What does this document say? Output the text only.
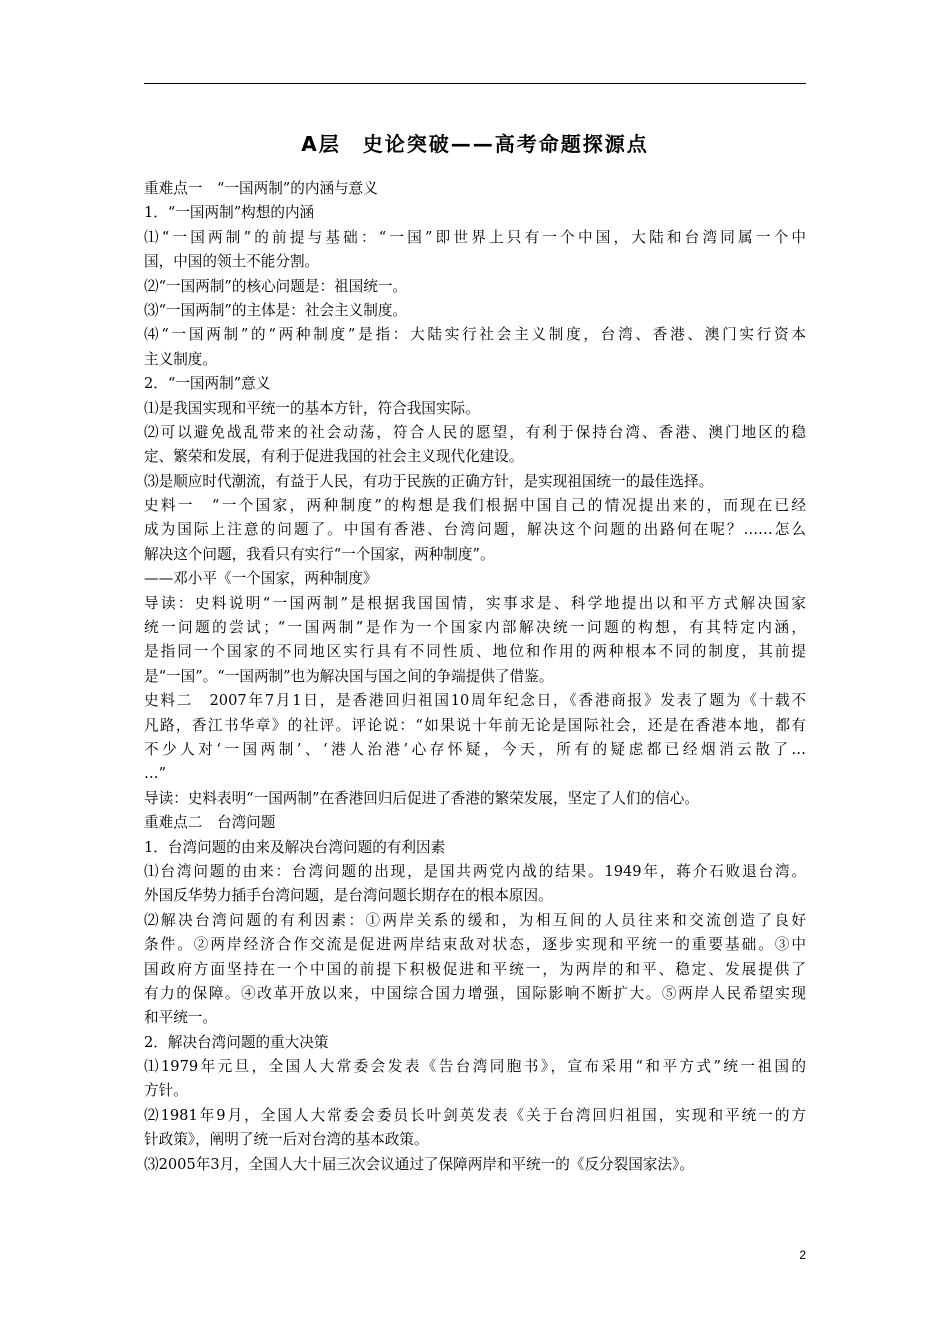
A层　史论突破——高考命题探源点
重难点一　“一国两制”的内涵与意义
1．“一国两制”构想的内涵
⑴“一国两制”的前提与基础：“一国”即世界上只有一个中国，大陆和台湾同属一个中
国，中国的领土不能分割。
⑵“一国两制”的核心问题是：祖国统一。
⑶“一国两制”的主体是：社会主义制度。
⑷“一国两制”的“两种制度”是指：大陆实行社会主义制度，台湾、香港、澳门实行资本
主义制度。
2．“一国两制”意义
⑴是我国实现和平统一的基本方针，符合我国实际。
⑵可以避免战乱带来的社会动荡，符合人民的愿望，有利于保持台湾、香港、澳门地区的稳
定、繁荣和发展，有利于促进我国的社会主义现代化建设。
⑶是顺应时代潮流，有益于人民，有功于民族的正确方针，是实现祖国统一的最佳选择。
史料一　“一个国家，两种制度”的构想是我们根据中国自己的情况提出来的，而现在已经
成为国际上注意的问题了。中国有香港、台湾问题，解决这个问题的出路何在呢？……怎么
解决这个问题，我看只有实行“一个国家，两种制度”。
——邓小平《一个国家，两种制度》
导读：史料说明“一国两制”是根据我国国情，实事求是、科学地提出以和平方式解决国家
统一问题的尝试；“一国两制”是作为一个国家内部解决统一问题的构想，有其特定内涵，
是指同一个国家的不同地区实行具有不同性质、地位和作用的两种根本不同的制度，其前提
是“一国”。“一国两制”也为解决国与国之间的争端提供了借鉴。
史料二　2007年7月1日，是香港回归祖国10周年纪念日，《香港商报》发表了题为《十载不
凡路，香江书华章》的社评。评论说：“如果说十年前无论是国际社会，还是在香港本地，都有
不少人对‘一国两制’、‘港人治港’心存怀疑，今天，所有的疑虑都已经烟消云散了…
…”
导读：史料表明“一国两制”在香港回归后促进了香港的繁荣发展，坚定了人们的信心。
重难点二　台湾问题
1．台湾问题的由来及解决台湾问题的有利因素
⑴台湾问题的由来：台湾问题的出现，是国共两党内战的结果。1949年，蒋介石败退台湾。
外国反华势力插手台湾问题，是台湾问题长期存在的根本原因。
⑵解决台湾问题的有利因素：①两岸关系的缓和，为相互间的人员往来和交流创造了良好
条件。②两岸经济合作交流是促进两岸结束敌对状态，逐步实现和平统一的重要基础。③中
国政府方面坚持在一个中国的前提下积极促进和平统一，为两岸的和平、稳定、发展提供了
有力的保障。④改革开放以来，中国综合国力增强，国际影响不断扩大。⑤两岸人民希望实现
和平统一。
2．解决台湾问题的重大决策
⑴1979年元旦，全国人大常委会发表《告台湾同胞书》，宣布采用“和平方式”统一祖国的
方针。
⑵1981年9月，全国人大常委会委员长叶剑英发表《关于台湾回归祖国，实现和平统一的方
针政策》，阐明了统一后对台湾的基本政策。
⑶2005年3月，全国人大十届三次会议通过了保障两岸和平统一的《反分裂国家法》。
2
